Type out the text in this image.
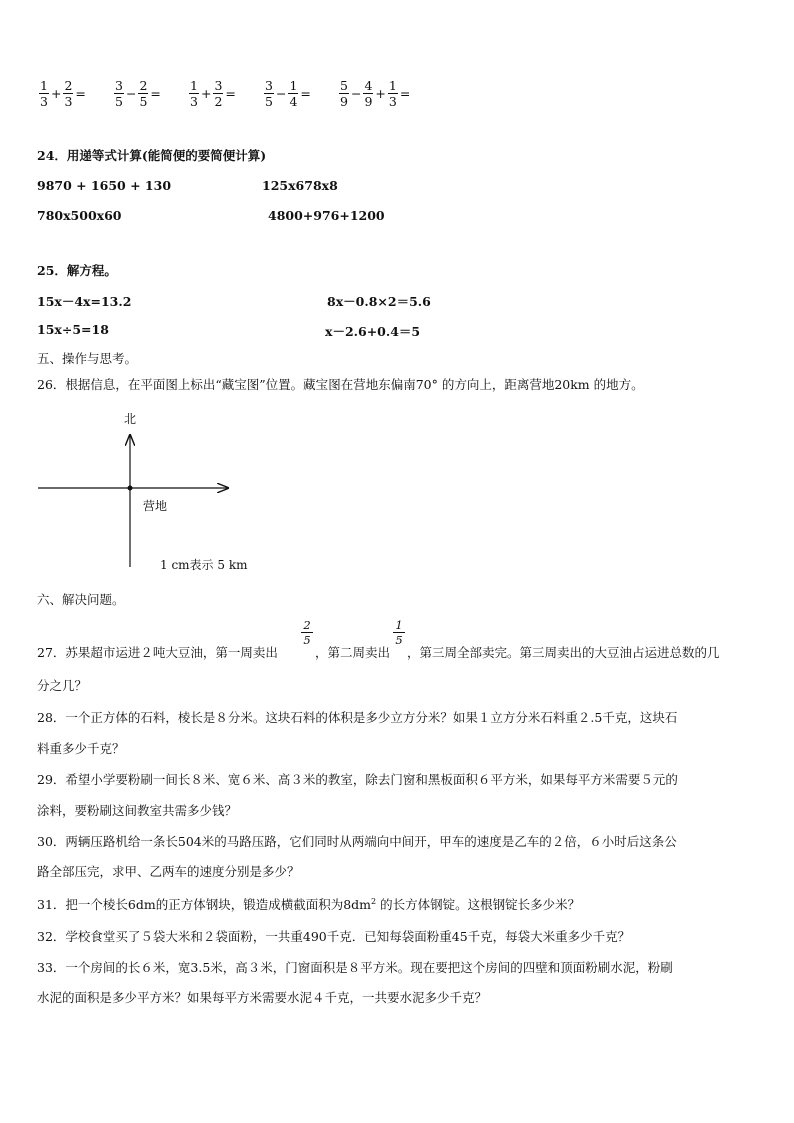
$\frac{1}{3} + \frac{2}{3} = \frac{3}{5} - \frac{2}{5} = \frac{1}{3} + \frac{3}{2} = \frac{3}{5} - \frac{1}{4} = \frac{5}{9} - \frac{4}{9} + \frac{1}{3}$ =
24．用递等式计算(能简便的要简便计算)
9870 + 1650 + 130	125x678x8
780x500x60	4800+976+1200
25．解方程。
15x－4x=13.2	8x－0.8×2＝5.6
15x÷5=18	x－2.6+0.4＝5
五、操作与思考。
26．根据信息，在平面图上标出“藏宝图”位置。藏宝图在营地东偏南70° 的方向上，距离营地20km 的地方。
北
营地
1 cm表示 5 km
六、解决问题。
$\frac{2}{5}$	$\frac{1}{5}$
27．苏果超市运进２吨大豆油，第一周卖出	，第二周卖出 ，第三周全部卖完。第三周卖出的大豆油占运进总数的几
分之几？
28．一个正方体的石料，棱长是８分米。这块石料的体积是多少立方分米？如果１立方分米石料重２.5千克，这块石
料重多少千克？
29．希望小学要粉刷一间长８米、宽６米、高３米的教室，除去门窗和黑板面积６平方米，如果每平方米需要５元的
涂料，要粉刷这间教室共需多少钱？
30．两辆压路机给一条长504米的马路压路，它们同时从两端向中间开，甲车的速度是乙车的２倍，６小时后这条公
路全部压完，求甲、乙两车的速度分别是多少？
31．把一个棱长6dm的正方体钢块，锻造成横截面积为$8dm^2$ 的长方体钢锭。这根钢锭长多少米？
32．学校食堂买了５袋大米和２袋面粉，一共重490千克．已知每袋面粉重45千克，每袋大米重多少千克？
33．一个房间的长６米，宽3.5米，高３米，门窗面积是８平方米。现在要把这个房间的四壁和顶面粉刷水泥，粉刷
水泥的面积是多少平方米？如果每平方米需要水泥４千克，一共要水泥多少千克？
